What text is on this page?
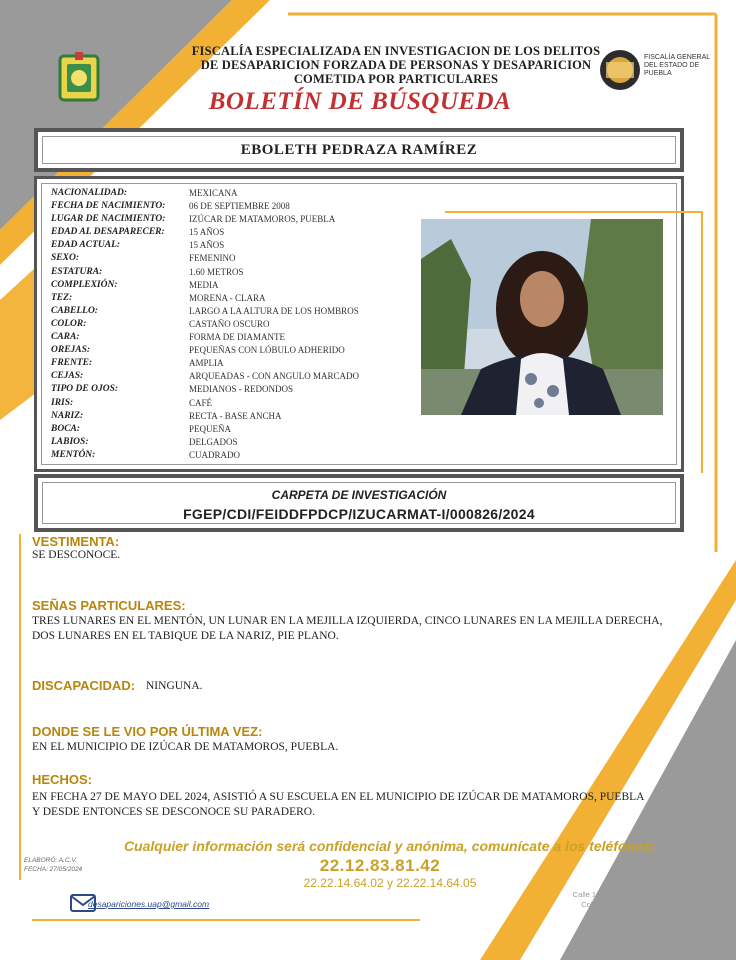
FISCALÍA ESPECIALIZADA EN INVESTIGACION DE LOS DELITOS
DE DESAPARICION FORZADA DE PERSONAS Y DESAPARICION
COMETIDA POR PARTICULARES
FISCALÍA GENERAL
DEL ESTADO DE
PUEBLA
BOLETÍN DE BÚSQUEDA
EBOLETH PEDRAZA RAMÍREZ
NACIONALIDAD:	MEXICANA
FECHA DE NACIMIENTO:	06 DE SEPTIEMBRE 2008
LUGAR DE NACIMIENTO:	IZÚCAR DE MATAMOROS, PUEBLA
EDAD AL DESAPARECER:	15 AÑOS
EDAD ACTUAL:	15 AÑOS
SEXO:	FEMENINO
ESTATURA:	1.60 METROS
COMPLEXIÓN:	MEDIA
TEZ:	MORENA - CLARA
CABELLO:	LARGO A LA ALTURA DE LOS HOMBROS
COLOR:	CASTAÑO OSCURO
CARA:	FORMA DE DIAMANTE
OREJAS:	PEQUEÑAS CON LÓBULO ADHERIDO
FRENTE:	AMPLIA
CEJAS:	ARQUEADAS - CON ANGULO MARCADO
TIPO DE OJOS:	MEDIANOS - REDONDOS
IRIS:	CAFÉ
NARIZ:	RECTA - BASE ANCHA
BOCA:	PEQUEÑA
LABIOS:	DELGADOS
MENTÓN:	CUADRADO
CARPETA DE INVESTIGACIÓN
FGEP/CDI/FEIDDFPDCP/IZUCARMAT-I/000826/2024
VESTIMENTA:
SE DESCONOCE.
SEÑAS PARTICULARES:
TRES LUNARES EN EL MENTÓN, UN LUNAR EN LA MEJILLA IZQUIERDA, CINCO LUNARES EN LA MEJILLA DERECHA,
DOS LUNARES EN EL TABIQUE DE LA NARIZ, PIE PLANO.
DISCAPACIDAD: NINGUNA.
DONDE SE LE VIO POR ÚLTIMA VEZ:
EN EL MUNICIPIO DE IZÚCAR DE MATAMOROS, PUEBLA.
HECHOS:
EN FECHA 27 DE MAYO DEL 2024, ASISTIÓ A SU ESCUELA EN EL MUNICIPIO DE IZÚCAR DE MATAMOROS, PUEBLA
Y DESDE ENTONCES SE DESCONOCE SU PARADERO.
Cualquier información será confidencial y anónima, comunícate a los teléfonos:
22.12.83.81.42
22.22.14.64.02 y 22.22.14.64.05
ELABORÓ: A.C.V.
FECHA: 27/05/2024
desapariciones.uap@gmail.com
Calle 16 de septiembre N°2904 Primer Piso,
Col. El Carmen, Puebla, Pue. C.P. 72530.
